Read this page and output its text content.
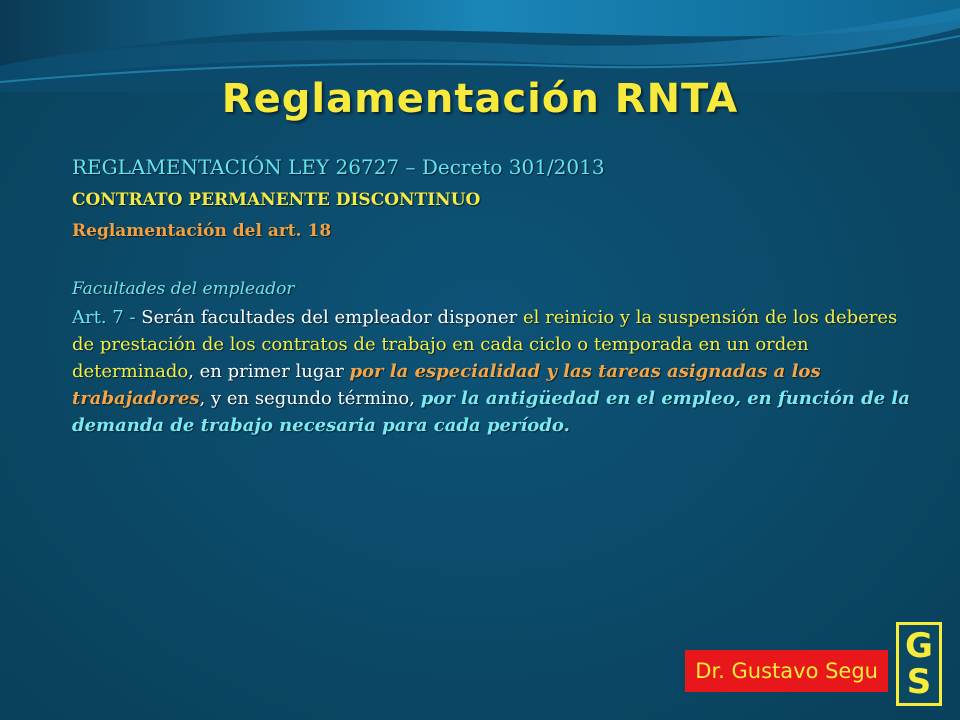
Reglamentación RNTA

REGLAMENTACIÓN LEY 26727 – Decreto 301/2013

CONTRATO PERMANENTE DISCONTINUO

Reglamentación del art. 18

Facultades del empleador

Art. 7 - Serán facultades del empleador disponer el reinicio y la suspensión de los deberes de prestación de los contratos de trabajo en cada ciclo o temporada en un orden determinado, en primer lugar por la especialidad y las tareas asignadas a los trabajadores, y en segundo término, por la antigüedad en el empleo, en función de la demanda de trabajo necesaria para cada período.

Dr. Gustavo Segu
G
S
